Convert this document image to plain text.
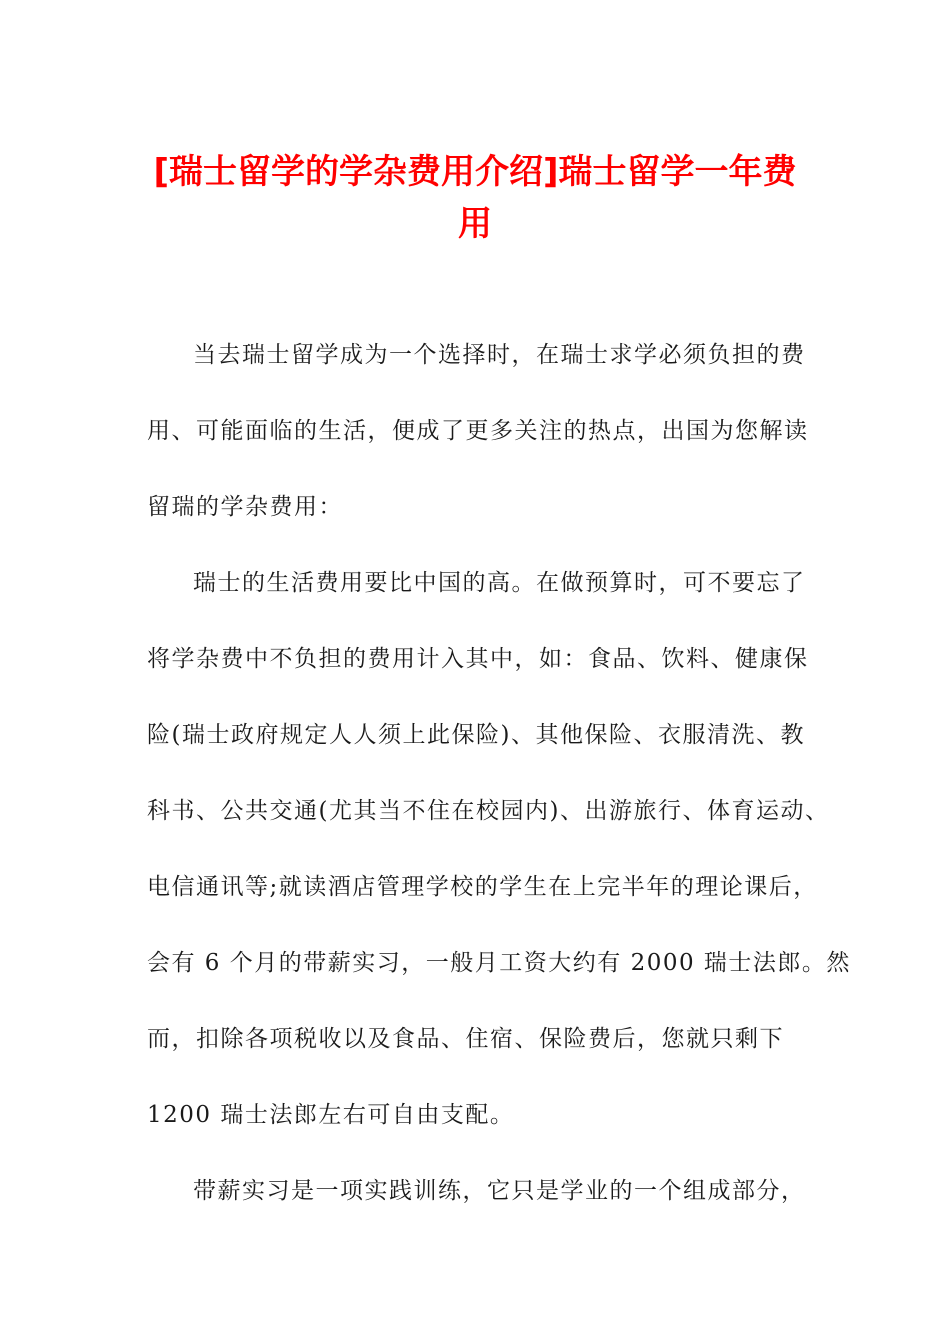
[瑞士留学的学杂费用介绍]瑞士留学一年费用
当去瑞士留学成为一个选择时，在瑞士求学必须负担的费
用、可能面临的生活，便成了更多关注的热点，出国为您解读
留瑞的学杂费用：
瑞士的生活费用要比中国的高。在做预算时，可不要忘了
将学杂费中不负担的费用计入其中，如：食品、饮料、健康保
险(瑞士政府规定人人须上此保险)、其他保险、衣服清洗、教
科书、公共交通(尤其当不住在校园内)、出游旅行、体育运动、
电信通讯等;就读酒店管理学校的学生在上完半年的理论课后，
会有 6 个月的带薪实习，一般月工资大约有 2000 瑞士法郎。然
而，扣除各项税收以及食品、住宿、保险费后，您就只剩下
1200 瑞士法郎左右可自由支配。
带薪实习是一项实践训练，它只是学业的一个组成部分，
